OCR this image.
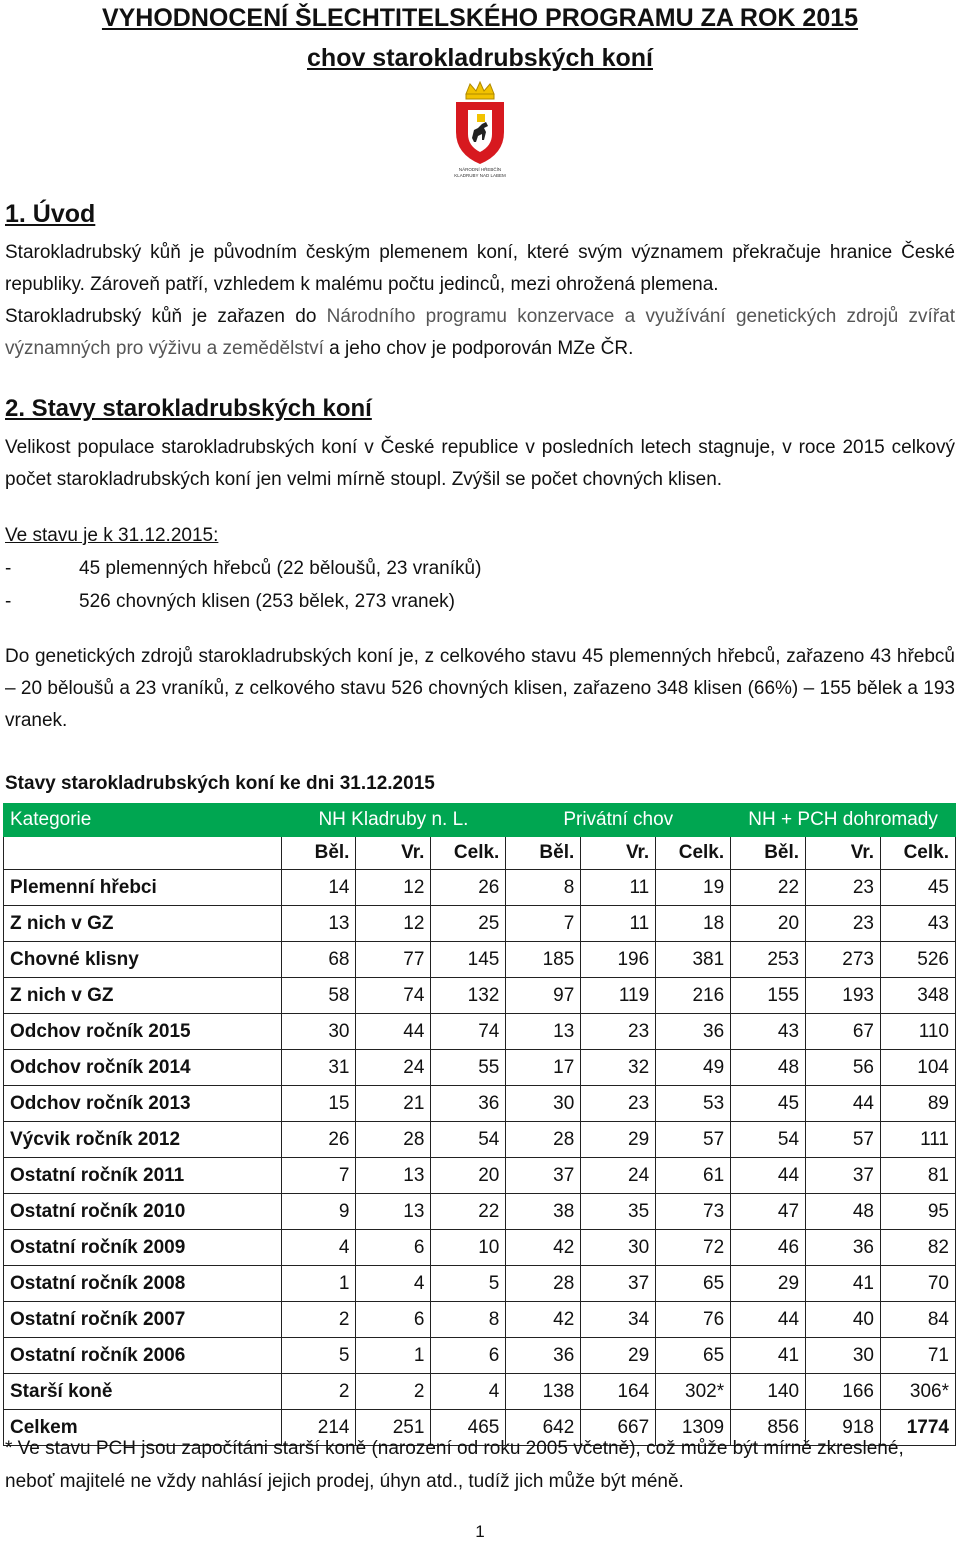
VYHODNOCENÍ ŠLECHTITELSKÉHO PROGRAMU ZA ROK 2015
chov starokladrubských koní
NÁRODNÍ HŘEBČÍN
KLADRUBY NAD LABEM
1. Úvod
Starokladrubský kůň je původním českým plemenem koní, které svým významem překračuje hranice České republiky. Zároveň patří, vzhledem k malému počtu jedinců, mezi ohrožená plemena.
Starokladrubský kůň je zařazen do Národního programu konzervace a využívání genetických zdrojů zvířat významných pro výživu a zemědělství a jeho chov je podporován MZe ČR.
2. Stavy starokladrubských koní
Velikost populace starokladrubských koní v České republice v posledních letech stagnuje, v roce 2015 celkový počet starokladrubských koní jen velmi mírně stoupl. Zvýšil se počet chovných klisen.
Ve stavu je k 31.12.2015:
-	45 plemenných hřebců (22 běloušů, 23 vraníků)
-	526 chovných klisen (253 bělek, 273 vranek)
Do genetických zdrojů starokladrubských koní je, z celkového stavu 45 plemenných hřebců, zařazeno 43 hřebců – 20 běloušů a 23 vraníků, z celkového stavu 526 chovných klisen, zařazeno 348 klisen (66%) – 155 bělek a 193 vranek.
Stavy starokladrubských koní ke dni 31.12.2015
Kategorie	NH Kladruby n. L.			Privátní chov			NH + PCH dohromady		
	Běl.	Vr.	Celk.	Běl.	Vr.	Celk.	Běl.	Vr.	Celk.
Plemenní hřebci	14	12	26	8	11	19	22	23	45
Z nich v GZ	13	12	25	7	11	18	20	23	43
Chovné klisny	68	77	145	185	196	381	253	273	526
Z nich v GZ	58	74	132	97	119	216	155	193	348
Odchov ročník 2015	30	44	74	13	23	36	43	67	110
Odchov ročník 2014	31	24	55	17	32	49	48	56	104
Odchov ročník 2013	15	21	36	30	23	53	45	44	89
Výcvik ročník 2012	26	28	54	28	29	57	54	57	111
Ostatní ročník 2011	7	13	20	37	24	61	44	37	81
Ostatní ročník 2010	9	13	22	38	35	73	47	48	95
Ostatní ročník 2009	4	6	10	42	30	72	46	36	82
Ostatní ročník 2008	1	4	5	28	37	65	29	41	70
Ostatní ročník 2007	2	6	8	42	34	76	44	40	84
Ostatní ročník 2006	5	1	6	36	29	65	41	30	71
Starší koně	2	2	4	138	164	302*	140	166	306*
Celkem	214	251	465	642	667	1309	856	918	1774
* Ve stavu PCH jsou započítáni starší koně (narození od roku 2005 včetně), což může být mírně zkreslené, neboť majitelé ne vždy nahlásí jejich prodej, úhyn atd., tudíž jich může být méně.
1
